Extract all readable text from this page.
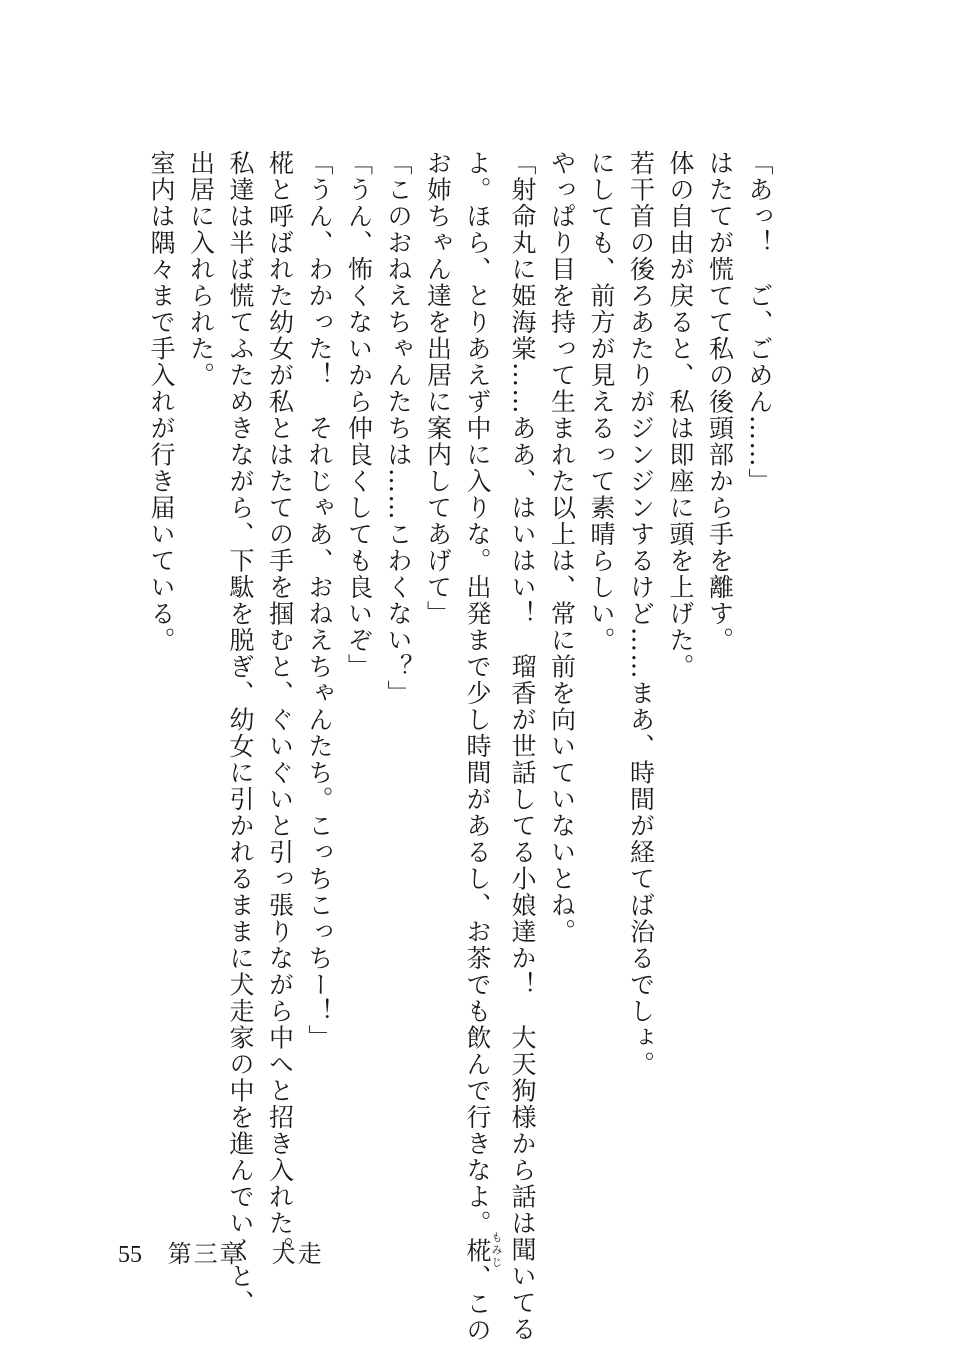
「あっ！　ご、ごめん……」

はたてが慌てて私の後頭部から手を離す。

体の自由が戻ると、私は即座に頭を上げた。

若干首の後ろあたりがジンジンするけど……まあ、時間が経てば治るでしょ。

にしても、前方が見えるって素晴らしい。

やっぱり目を持って生まれた以上は、常に前を向いていないとね。

「射命丸に姫海棠……ああ、はいはい！　瑠香が世話してる小娘達か！　大天狗様から話は聞いてる

よ。ほら、とりあえず中に入りな。出発まで少し時間があるし、お茶でも飲んで行きなよ。椛もみじ、この

お姉ちゃん達を出居に案内してあげて」

「このおねえちゃんたちは……こわくない？」

「うん、怖くないから仲良くしても良いぞ」

「うん、わかった！　それじゃあ、おねえちゃんたち。こっちこっちー！」

椛と呼ばれた幼女が私とはたての手を掴むと、ぐいぐいと引っ張りながら中へと招き入れた。

私達は半ば慌てふためきながら、下駄を脱ぎ、幼女に引かれるままに犬走家の中を進んでいくと、

出居に入れられた。

室内は隅々まで手入れが行き届いている。

55 第三章　犬走
